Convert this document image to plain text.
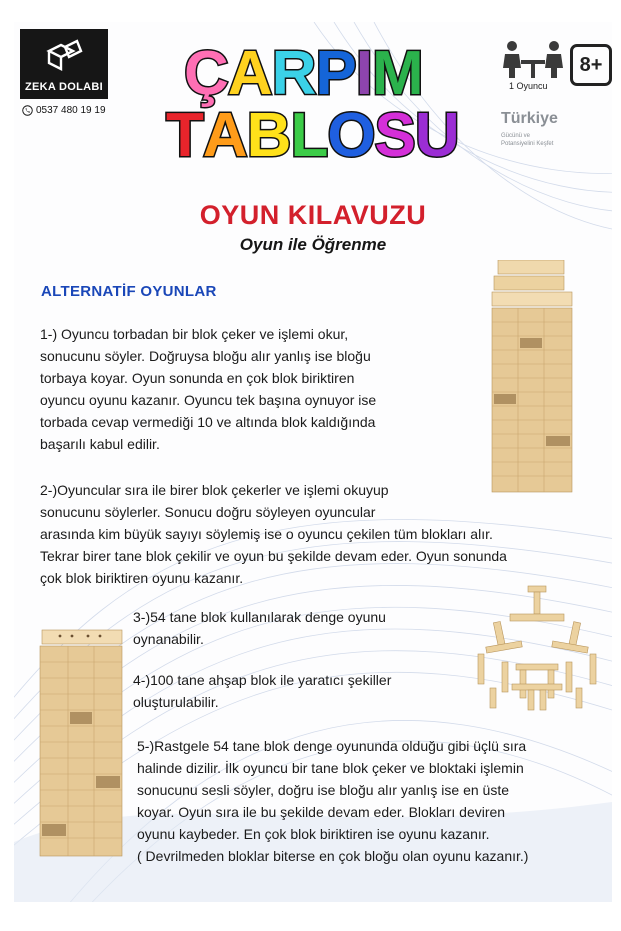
ZEKA DOLABI
0537 480 19 19
ÇARPIM
TABLOSU
1 Oyuncu
8+
Türkiye
Gücünü ve
Potansiyelini Keşfet
OYUN KILAVUZU
Oyun ile Öğrenme
ALTERNATİF OYUNLAR
1-) Oyuncu torbadan bir blok çeker ve işlemi okur,
sonucunu söyler. Doğruysa bloğu alır yanlış ise bloğu
torbaya koyar. Oyun sonunda en çok blok biriktiren
oyuncu oyunu kazanır. Oyuncu tek başına oynuyor ise
torbada cevap vermediği 10 ve altında blok kaldığında
başarılı kabul edilir.
2-)Oyuncular sıra ile birer blok çekerler ve işlemi okuyup
sonucunu söylerler. Sonucu doğru söyleyen oyuncular
arasında kim büyük sayıyı söylemiş ise o oyuncu çekilen tüm blokları alır.
Tekrar birer tane blok çekilir ve oyun bu şekilde devam eder. Oyun sonunda
çok blok biriktiren oyunu kazanır.
3-)54 tane blok kullanılarak denge oyunu
oynanabilir.
4-)100 tane ahşap blok ile yaratıcı şekiller
oluşturulabilir.
5-)Rastgele 54 tane blok denge oyununda olduğu gibi üçlü sıra
halinde dizilir. İlk oyuncu bir tane blok çeker ve bloktaki işlemin
sonucunu sesli söyler, doğru ise bloğu alır yanlış ise en üste
koyar. Oyun sıra ile bu şekilde devam eder. Blokları deviren
oyunu kaybeder. En çok blok biriktiren ise oyunu kazanır.
( Devrilmeden bloklar biterse en çok bloğu olan oyunu kazanır.)
